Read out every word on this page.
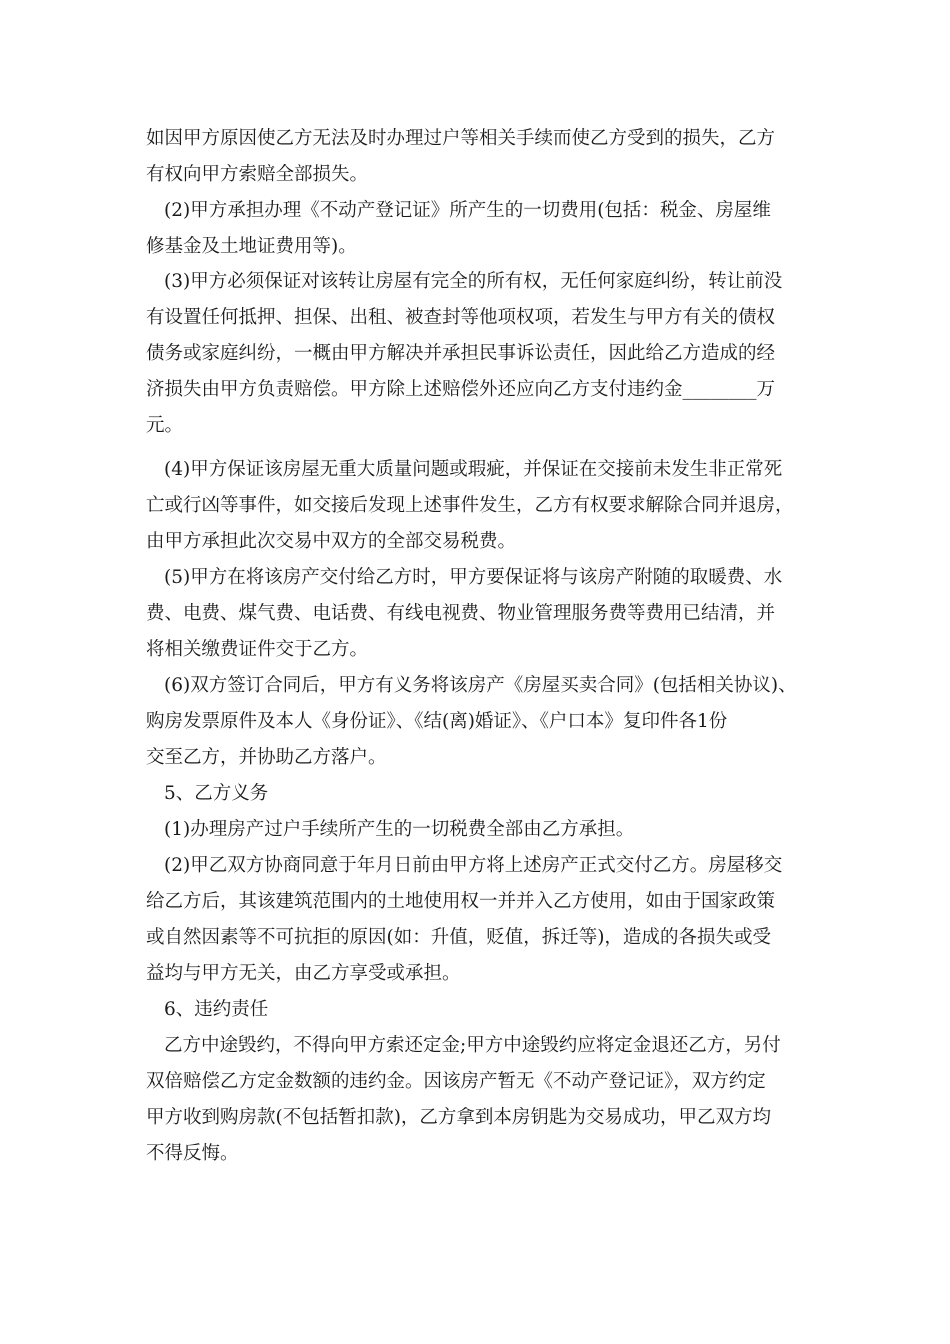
如因甲方原因使乙方无法及时办理过户等相关手续而使乙方受到的损失，乙方
有权向甲方索赔全部损失。
(2)甲方承担办理《不动产登记证》所产生的一切费用(包括：税金、房屋维
修基金及土地证费用等)。
(3)甲方必须保证对该转让房屋有完全的所有权，无任何家庭纠纷，转让前没
有设置任何抵押、担保、出租、被查封等他项权项，若发生与甲方有关的债权
债务或家庭纠纷，一概由甲方解决并承担民事诉讼责任，因此给乙方造成的经
济损失由甲方负责赔偿。甲方除上述赔偿外还应向乙方支付违约金________万
元。
(4)甲方保证该房屋无重大质量问题或瑕疵，并保证在交接前未发生非正常死
亡或行凶等事件，如交接后发现上述事件发生，乙方有权要求解除合同并退房，
由甲方承担此次交易中双方的全部交易税费。
(5)甲方在将该房产交付给乙方时，甲方要保证将与该房产附随的取暖费、水
费、电费、煤气费、电话费、有线电视费、物业管理服务费等费用已结清，并
将相关缴费证件交于乙方。
(6)双方签订合同后，甲方有义务将该房产《房屋买卖合同》(包括相关协议)、
购房发票原件及本人《身份证》、《结(离)婚证》、《户口本》复印件各1份
交至乙方，并协助乙方落户。
5、乙方义务
(1)办理房产过户手续所产生的一切税费全部由乙方承担。
(2)甲乙双方协商同意于年月日前由甲方将上述房产正式交付乙方。房屋移交
给乙方后，其该建筑范围内的土地使用权一并并入乙方使用，如由于国家政策
或自然因素等不可抗拒的原因(如：升值，贬值，拆迁等)，造成的各损失或受
益均与甲方无关，由乙方享受或承担。
6、违约责任
乙方中途毁约，不得向甲方索还定金;甲方中途毁约应将定金退还乙方，另付
双倍赔偿乙方定金数额的违约金。因该房产暂无《不动产登记证》，双方约定
甲方收到购房款(不包括暂扣款)，乙方拿到本房钥匙为交易成功，甲乙双方均
不得反悔。
